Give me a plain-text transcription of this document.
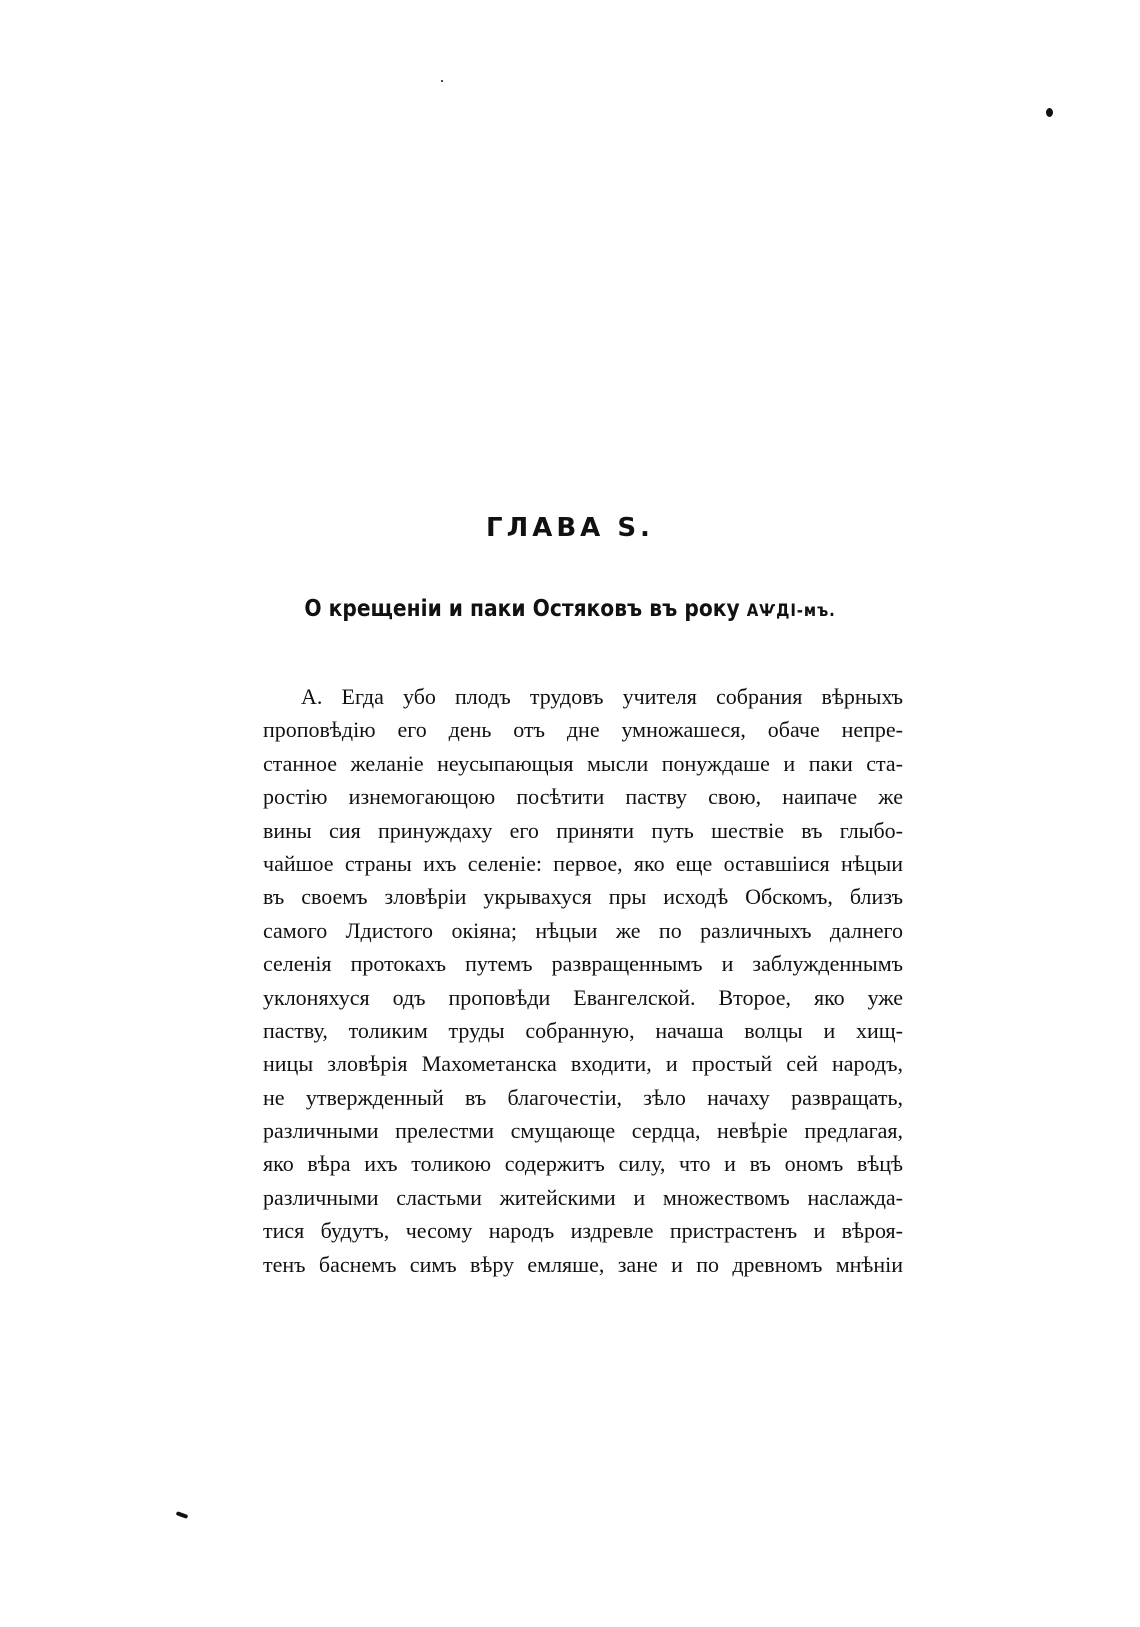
ГЛАВА Ѕ.
О крещеніи и паки Остяковъ въ року АѰДІ-мъ.
А. Егда убо плодъ трудовъ учителя собрания вѣрныхъ
проповѣдію его день отъ дне умножашеся, обаче непре-
станное желаніе неусыпающыя мысли понуждаше и паки ста-
ростію изнемогающою посѣтити паству свою, наипаче же
вины сия принуждаху его приняти путь шествіе въ глыбо-
чайшое страны ихъ селеніе: первое, яко еще оставшіися нѣцыи
въ своемъ зловѣріи укрывахуся пры исходѣ Обскомъ, близъ
самого Лдистого окіяна; нѣцыи же по различныхъ далнего
селенія протокахъ путемъ развращеннымъ и заблужденнымъ
уклоняхуся одъ проповѣди Евангелской. Второе, яко уже
паству, толиким труды собранную, начаша волцы и хищ-
ницы зловѣрія Махометанска входити, и простый сей народъ,
не утвержденный въ благочестіи, зѣло начаху развращать,
различными прелестми смущающе сердца, невѣріе предлагая,
яко вѣра ихъ толикою содержитъ силу, что и въ ономъ вѣцѣ
различными сластьми житейскими и множествомъ наслаждa-
тися будутъ, чесому народъ издревле пристрастенъ и вѣроя-
тенъ баснемъ симъ вѣру емляше, зане и по древномъ мнѣніи
